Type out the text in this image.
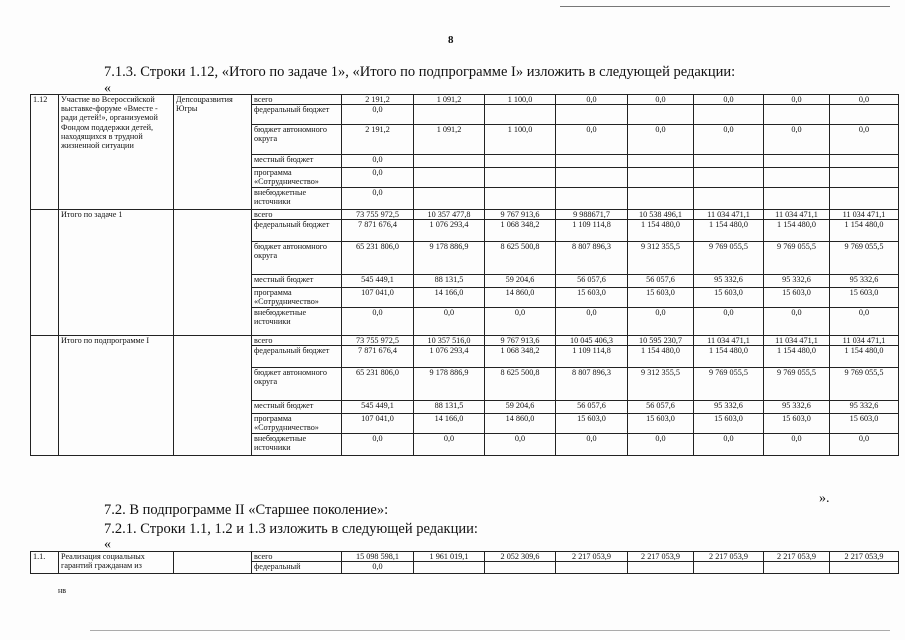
8
7.1.3. Строки 1.12, «Итого по задаче 1», «Итого по подпрограмме I» изложить в следующей редакции:
«
1.12	Участие во Всероссийской выставке-форуме «Вместе - ради детей!», организуемой Фондом поддержки детей, находящихся в трудной жизненной ситуации	Депсоцразвития Югры	всего	2 191,2	1 091,2	1 100,0	0,0	0,0	0,0	0,0	0,0
			федеральный бюджет	0,0							
			бюджет автономного округа	2 191,2	1 091,2	1 100,0	0,0	0,0	0,0	0,0	0,0
			местный бюджет	0,0							
			программа «Сотрудничество»	0,0							
			внебюджетные источники	0,0							
	Итого по задаче 1		всего	73 755 972,5	10 357 477,8	9 767 913,6	9 988671,7	10 538 496,1	11 034 471,1	11 034 471,1	11 034 471,1
			федеральный бюджет	7 871 676,4	1 076 293,4	1 068 348,2	1 109 114,8	1 154 480,0	1 154 480,0	1 154 480,0	1 154 480,0
			бюджет автономного округа	65 231 806,0	9 178 886,9	8 625 500,8	8 807 896,3	9 312 355,5	9 769 055,5	9 769 055,5	9 769 055,5
			местный бюджет	545 449,1	88 131,5	59 204,6	56 057,6	56 057,6	95 332,6	95 332,6	95 332,6
			программа «Сотрудничество»	107 041,0	14 166,0	14 860,0	15 603,0	15 603,0	15 603,0	15 603,0	15 603,0
			внебюджетные источники	0,0	0,0	0,0	0,0	0,0	0,0	0,0	0,0
	Итого по подпрограмме I		всего	73 755 972,5	10 357 516,0	9 767 913,6	10 045 406,3	10 595 230,7	11 034 471,1	11 034 471,1	11 034 471,1
			федеральный бюджет	7 871 676,4	1 076 293,4	1 068 348,2	1 109 114,8	1 154 480,0	1 154 480,0	1 154 480,0	1 154 480,0
			бюджет автономного округа	65 231 806,0	9 178 886,9	8 625 500,8	8 807 896,3	9 312 355,5	9 769 055,5	9 769 055,5	9 769 055,5
			местный бюджет	545 449,1	88 131,5	59 204,6	56 057,6	56 057,6	95 332,6	95 332,6	95 332,6
			программа «Сотрудничество»	107 041,0	14 166,0	14 860,0	15 603,0	15 603,0	15 603,0	15 603,0	15 603,0
			внебюджетные источники	0,0	0,0	0,0	0,0	0,0	0,0	0,0	0,0
7.2. В подпрограмме II «Старшее поколение»:
7.2.1. Строки 1.1, 1.2 и 1.3 изложить в следующей редакции:
«
».
1.1.	Реализация социальных гарантий гражданам из		всего	15 098 598,1	1 961 019,1	2 052 309,6	2 217 053,9	2 217 053,9	2 217 053,9	2 217 053,9	2 217 053,9
			федеральный	0,0							
нв
